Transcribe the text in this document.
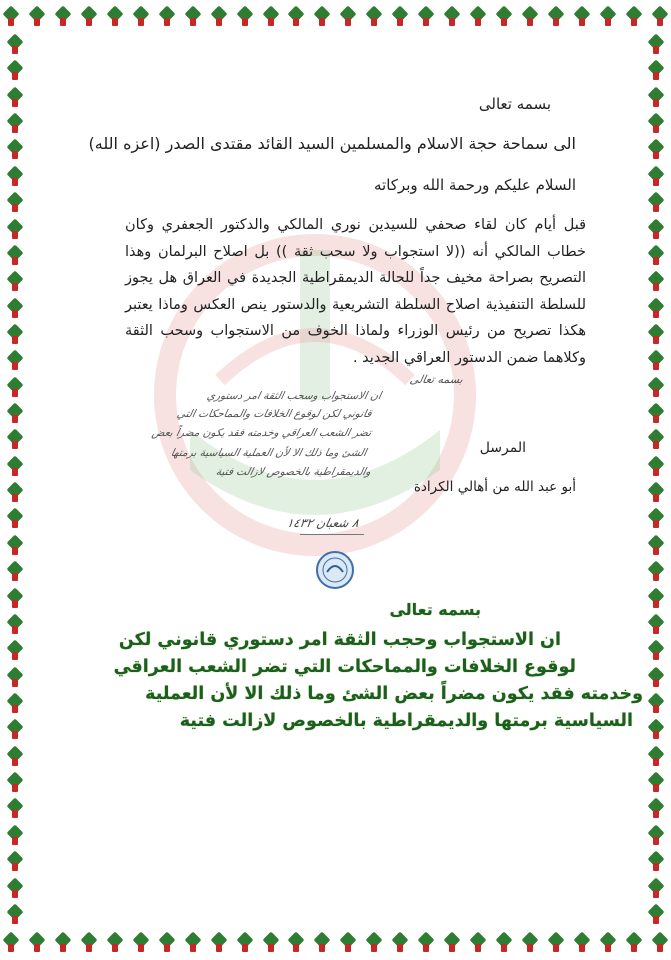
بسمه تعالى
الى سماحة حجة الاسلام والمسلمين السيد القائد مقتدى الصدر (اعزه الله)
السلام عليكم ورحمة الله وبركاته
قبل أيام كان لقاء صحفي للسيدين نوري المالكي والدكتور الجعفري وكان خطاب المالكي أنه ((لا استجواب ولا سحب ثقة )) بل اصلاح البرلمان وهذا التصريح بصراحة مخيف جداً للحالة الديمقراطية الجديدة في العراق هل يجوز للسلطة التنفيذية اصلاح السلطة التشريعية والدستور ينص العكس وماذا يعتبر هكذا تصريح من رئيس الوزراء ولماذا الخوف من الاستجواب وسحب الثقة وكلاهما ضمن الدستور العراقي الجديد .
المرسل
أبو عبد الله من أهالي الكرادة
بسمه تعالى
ان الاستجواب وسحب الثقة امر دستوري
قانوني لكن لوقوع الخلافات والمماحكات التي
تضر الشعب العراقي وخدمته فقد يكون مضراً بعض
الشئ وما ذلك الا لأن العملية السياسية برمتها
والديمقراطية بالخصوص لازالت فتية
٨ شعبان ١٤٣٢
بسمه تعالى
ان الاستجواب وحجب الثقة امر دستوري قانوني لكن
لوقوع الخلافات والمماحكات التي تضر الشعب العراقي
وخدمته فقد يكون مضراً بعض الشئ وما ذلك الا لأن العملية
السياسية برمتها والديمقراطية بالخصوص لازالت فتية
